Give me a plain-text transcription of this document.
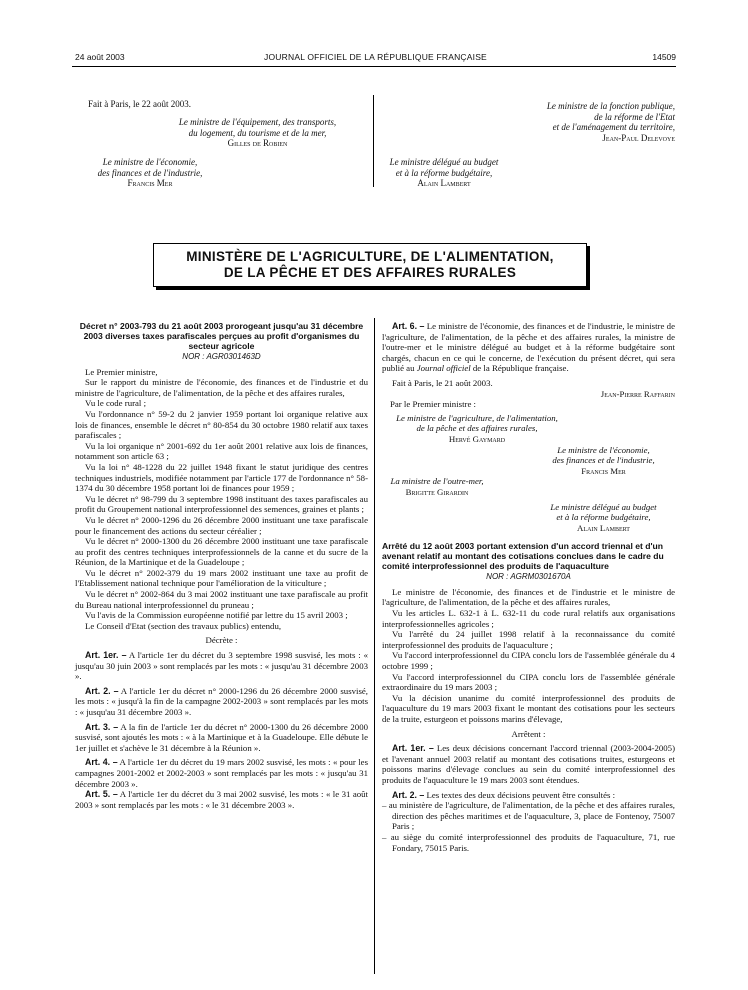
24 août 2003	JOURNAL OFFICIEL DE LA RÉPUBLIQUE FRANÇAISE	14509
Fait à Paris, le 22 août 2003.
Le ministre de l'équipement, des transports,
du logement, du tourisme et de la mer,
Gilles de Robien
Le ministre de l'économie,
des finances et de l'industrie,
Francis Mer
Le ministre de la fonction publique,
de la réforme de l'Etat
et de l'aménagement du territoire,
Jean-Paul Delevoye
Le ministre délégué au budget
et à la réforme budgétaire,
Alain Lambert
MINISTÈRE DE L'AGRICULTURE, DE L'ALIMENTATION,
DE LA PÊCHE ET DES AFFAIRES RURALES

Décret n° 2003-793 du 21 août 2003 prorogeant jusqu'au 31 décembre 2003 diverses taxes parafiscales perçues au profit d'organismes du secteur agricole

NOR : AGR0301463D

Le Premier ministre,

Sur le rapport du ministre de l'économie, des finances et de l'industrie et du ministre de l'agriculture, de l'alimentation, de la pêche et des affaires rurales,

Vu le code rural ;

Vu l'ordonnance n° 59-2 du 2 janvier 1959 portant loi organique relative aux lois de finances, ensemble le décret n° 80-854 du 30 octobre 1980 relatif aux taxes parafiscales ;

Vu la loi organique n° 2001-692 du 1er août 2001 relative aux lois de finances, notamment son article 63 ;

Vu la loi n° 48-1228 du 22 juillet 1948 fixant le statut juridique des centres techniques industriels, modifiée notamment par l'article 177 de l'ordonnance n° 58-1374 du 30 décembre 1958 portant loi de finances pour 1959 ;

Vu le décret n° 98-799 du 3 septembre 1998 instituant des taxes parafiscales au profit du Groupement national interprofessionnel des semences, graines et plants ;

Vu le décret n° 2000-1296 du 26 décembre 2000 instituant une taxe parafiscale pour le financement des actions du secteur céréalier ;

Vu le décret n° 2000-1300 du 26 décembre 2000 instituant une taxe parafiscale au profit des centres techniques interprofessionnels de la canne et du sucre de la Réunion, de la Martinique et de la Guadeloupe ;

Vu le décret n° 2002-379 du 19 mars 2002 instituant une taxe au profit de l'Etablissement national technique pour l'amélioration de la viticulture ;

Vu le décret n° 2002-864 du 3 mai 2002 instituant une taxe parafiscale au profit du Bureau national interprofessionnel du pruneau ;

Vu l'avis de la Commission européenne notifié par lettre du 15 avril 2003 ;

Le Conseil d'Etat (section des travaux publics) entendu,

Décrète :

Art. 1er. – A l'article 1er du décret du 3 septembre 1998 susvisé, les mots : « jusqu'au 30 juin 2003 » sont remplacés par les mots : « jusqu'au 31 décembre 2003 ».

Art. 2. – A l'article 1er du décret n° 2000-1296 du 26 décembre 2000 susvisé, les mots : « jusqu'à la fin de la campagne 2002-2003 » sont remplacés par les mots : « jusqu'au 31 décembre 2003 ».

Art. 3. – A la fin de l'article 1er du décret n° 2000-1300 du 26 décembre 2000 susvisé, sont ajoutés les mots : « à la Martinique et à la Guadeloupe. Elle débute le 1er juillet et s'achève le 31 décembre à la Réunion ».

Art. 4. – A l'article 1er du décret du 19 mars 2002 susvisé, les mots : « pour les campagnes 2001-2002 et 2002-2003 » sont remplacés par les mots : « jusqu'au 31 décembre 2003 ».

Art. 5. – A l'article 1er du décret du 3 mai 2002 susvisé, les mots : « le 31 août 2003 » sont remplacés par les mots : « le 31 décembre 2003 ».

Art. 6. – Le ministre de l'économie, des finances et de l'industrie, le ministre de l'agriculture, de l'alimentation, de la pêche et des affaires rurales, la ministre de l'outre-mer et le ministre délégué au budget et à la réforme budgétaire sont chargés, chacun en ce qui le concerne, de l'exécution du présent décret, qui sera publié au Journal officiel de la République française.

Fait à Paris, le 21 août 2003.

Jean-Pierre Raffarin

Par le Premier ministre :

Le ministre de l'agriculture, de l'alimentation,
de la pêche et des affaires rurales,
Hervé Gaymard
Le ministre de l'économie,
des finances et de l'industrie,
Francis Mer
La ministre de l'outre-mer,
Brigitte Girardin
Le ministre délégué au budget
et à la réforme budgétaire,
Alain Lambert

Arrêté du 12 août 2003 portant extension d'un accord triennal et d'un avenant relatif au montant des cotisations conclues dans le cadre du comité interprofessionnel des produits de l'aquaculture

NOR : AGRM0301670A

Le ministre de l'économie, des finances et de l'industrie et le ministre de l'agriculture, de l'alimentation, de la pêche et des affaires rurales,

Vu les articles L. 632-1 à L. 632-11 du code rural relatifs aux organisations interprofessionnelles agricoles ;

Vu l'arrêté du 24 juillet 1998 relatif à la reconnaissance du comité interprofessionnel des produits de l'aquaculture ;

Vu l'accord interprofessionnel du CIPA conclu lors de l'assemblée générale du 4 octobre 1999 ;

Vu l'accord interprofessionnel du CIPA conclu lors de l'assemblée générale extraordinaire du 19 mars 2003 ;

Vu la décision unanime du comité interprofessionnel des produits de l'aquaculture du 19 mars 2003 fixant le montant des cotisations pour les secteurs de la truite, esturgeon et poissons marins d'élevage,

Arrêtent :

Art. 1er. – Les deux décisions concernant l'accord triennal (2003-2004-2005) et l'avenant annuel 2003 relatif au montant des cotisations truites, esturgeons et poissons marins d'élevage conclues au sein du comité interprofessionnel des produits de l'aquaculture le 19 mars 2003 sont étendues.

Art. 2. – Les textes des deux décisions peuvent être consultés :

– au ministère de l'agriculture, de l'alimentation, de la pêche et des affaires rurales, direction des pêches maritimes et de l'aquaculture, 3, place de Fontenoy, 75007 Paris ;

– au siège du comité interprofessionnel des produits de l'aquaculture, 71, rue Fondary, 75015 Paris.
